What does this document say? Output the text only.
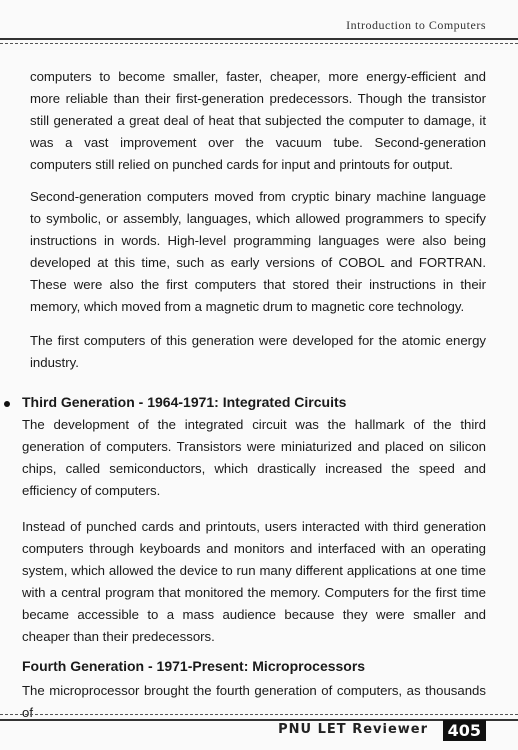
Introduction to Computers

computers to become smaller, faster, cheaper, more energy-efficient and more reliable than their first-generation predecessors. Though the transistor still generated a great deal of heat that subjected the computer to damage, it was a vast improvement over the vacuum tube. Second-generation computers still relied on punched cards for input and printouts for output.

Second-generation computers moved from cryptic binary machine language to symbolic, or assembly, languages, which allowed programmers to specify instructions in words. High-level programming languages were also being developed at this time, such as early versions of COBOL and FORTRAN. These were also the first computers that stored their instructions in their memory, which moved from a magnetic drum to magnetic core technology.

The first computers of this generation were developed for the atomic energy industry.

Third Generation - 1964-1971: Integrated Circuits

The development of the integrated circuit was the hallmark of the third generation of computers. Transistors were miniaturized and placed on silicon chips, called semiconductors, which drastically increased the speed and efficiency of computers.

Instead of punched cards and printouts, users interacted with third generation computers through keyboards and monitors and interfaced with an operating system, which allowed the device to run many different applications at one time with a central program that monitored the memory. Computers for the first time became accessible to a mass audience because they were smaller and cheaper than their predecessors.

Fourth Generation - 1971-Present: Microprocessors

The microprocessor brought the fourth generation of computers, as thousands of

PNU LET Reviewer	405
